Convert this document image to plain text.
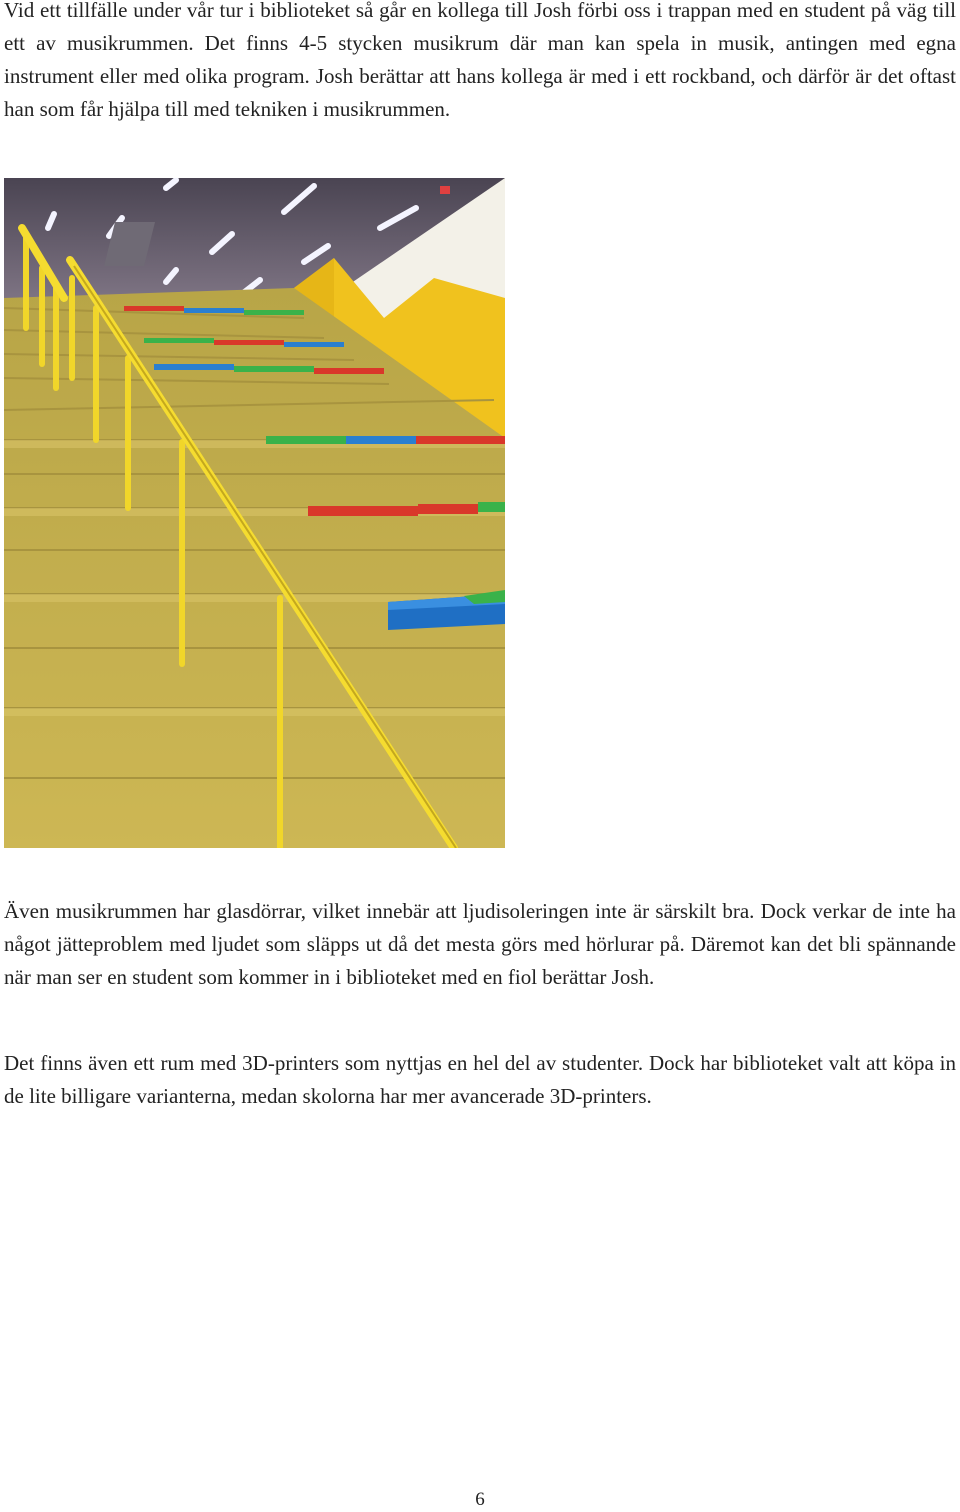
Vid ett tillfälle under vår tur i biblioteket så går en kollega till Josh förbi oss i trappan med en student på väg till ett av musikrummen. Det finns 4-5 stycken musikrum där man kan spela in musik, antingen med egna instrument eller med olika program. Josh berättar att hans kollega är med i ett rockband, och därför är det oftast han som får hjälpa till med tekniken i musikrummen.

Även musikrummen har glasdörrar, vilket innebär att ljudisoleringen inte är särskilt bra. Dock verkar de inte ha något jätteproblem med ljudet som släpps ut då det mesta görs med hörlurar på. Däremot kan det bli spännande när man ser en student som kommer in i biblioteket med en fiol berättar Josh.

Det finns även ett rum med 3D-printers som nyttjas en hel del av studenter. Dock har biblioteket valt att köpa in de lite billigare varianterna, medan skolorna har mer avancerade 3D-printers.

6
